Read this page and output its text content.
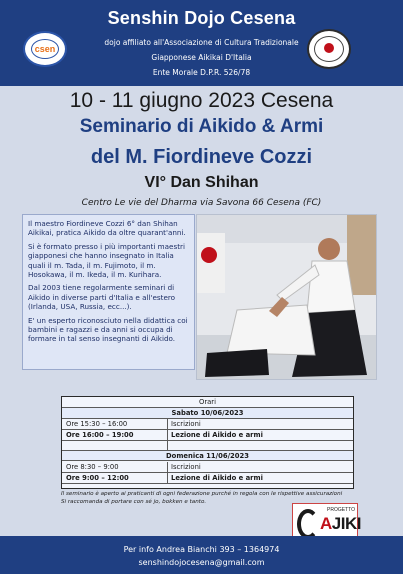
csen
Senshin Dojo Cesena
dojo affiliato all'Associazione di Cultura Tradizionale
Giapponese Aikikai D'Italia
Ente Morale D.P.R. 526/78
10 - 11 giugno 2023 Cesena
Seminario di Aikido & Armi
del M. Fiordineve Cozzi
VI° Dan Shihan
Centro Le vie del Dharma via Savona 66 Cesena (FC)

Il maestro Fiordineve Cozzi 6° dan Shihan Aikikai, pratica Aikido da oltre quarant'anni.

Si è formato presso i più importanti maestri giapponesi che hanno insegnato in Italia quali il m. Tada, il m. Fujimoto, il m. Hosokawa, il m. Ikeda, il m. Kurihara.

Dal 2003 tiene regolarmente seminari di Aikido in diverse parti d'Italia e all'estero (Irlanda, USA, Russia, ecc...).

E' un esperto riconosciuto nella didattica coi bambini e ragazzi e da anni si occupa di formare in tal senso insegnanti di Aikido.

Orari
Sabato 10/06/2023
Ore 15:30 – 16:00	Iscrizioni
Ore 16:00 – 19:00	Lezione di Aikido e armi
Domenica 11/06/2023
Ore 8:30 – 9:00	Iscrizioni
Ore 9:00 – 12:00	Lezione di Aikido e armi
Il seminario è aperto ai praticanti di ogni federazione purché in regola con le rispettive assicurazioni
Si raccomanda di portare con sé jo, bokken e tanto.
PROGETTO
AJIKI
Per info Andrea Bianchi 393 – 1364974
senshindojocesena@gmail.com
